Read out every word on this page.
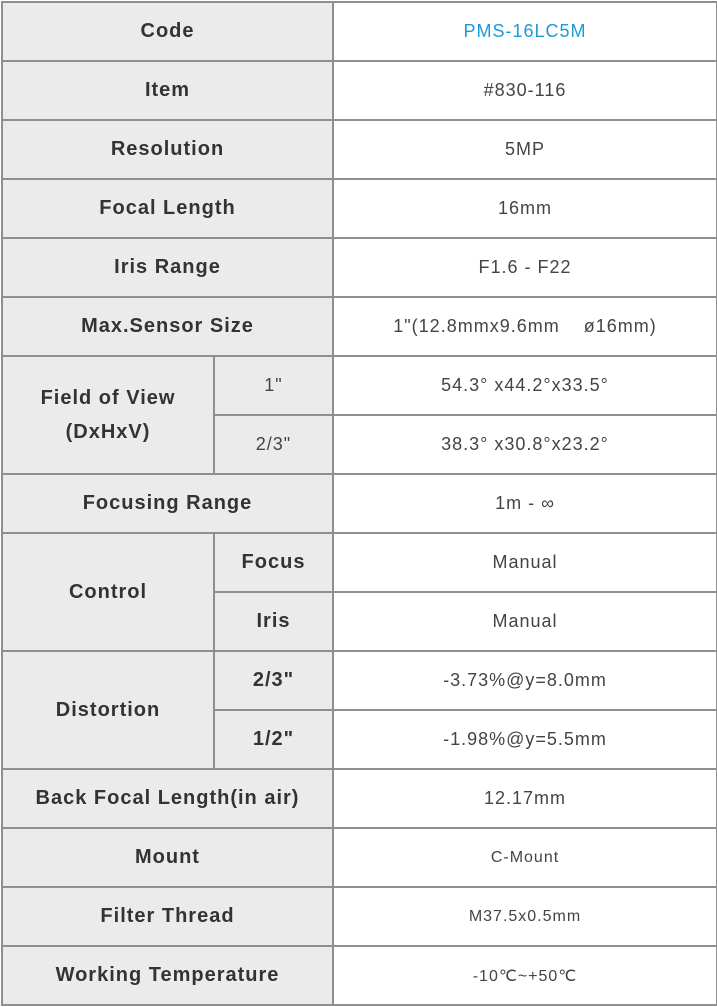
Code		PMS-16LC5M
Item		#830-116
Resolution		5MP
Focal Length		16mm
Iris Range		F1.6 - F22
Max.Sensor Size		1"(12.8mmx9.6mm    ø16mm)
Field of View
(DxHxV)	1"	54.3° x44.2°x33.5°
	2/3"	38.3° x30.8°x23.2°
Focusing Range		1m - ∞
Control	Focus	Manual
	Iris	Manual
Distortion	2/3"	-3.73%@y=8.0mm
	1/2"	-1.98%@y=5.5mm
Back Focal Length(in air)		12.17mm
Mount		C-Mount
Filter Thread		M37.5x0.5mm
Working Temperature		-10℃~+50℃
